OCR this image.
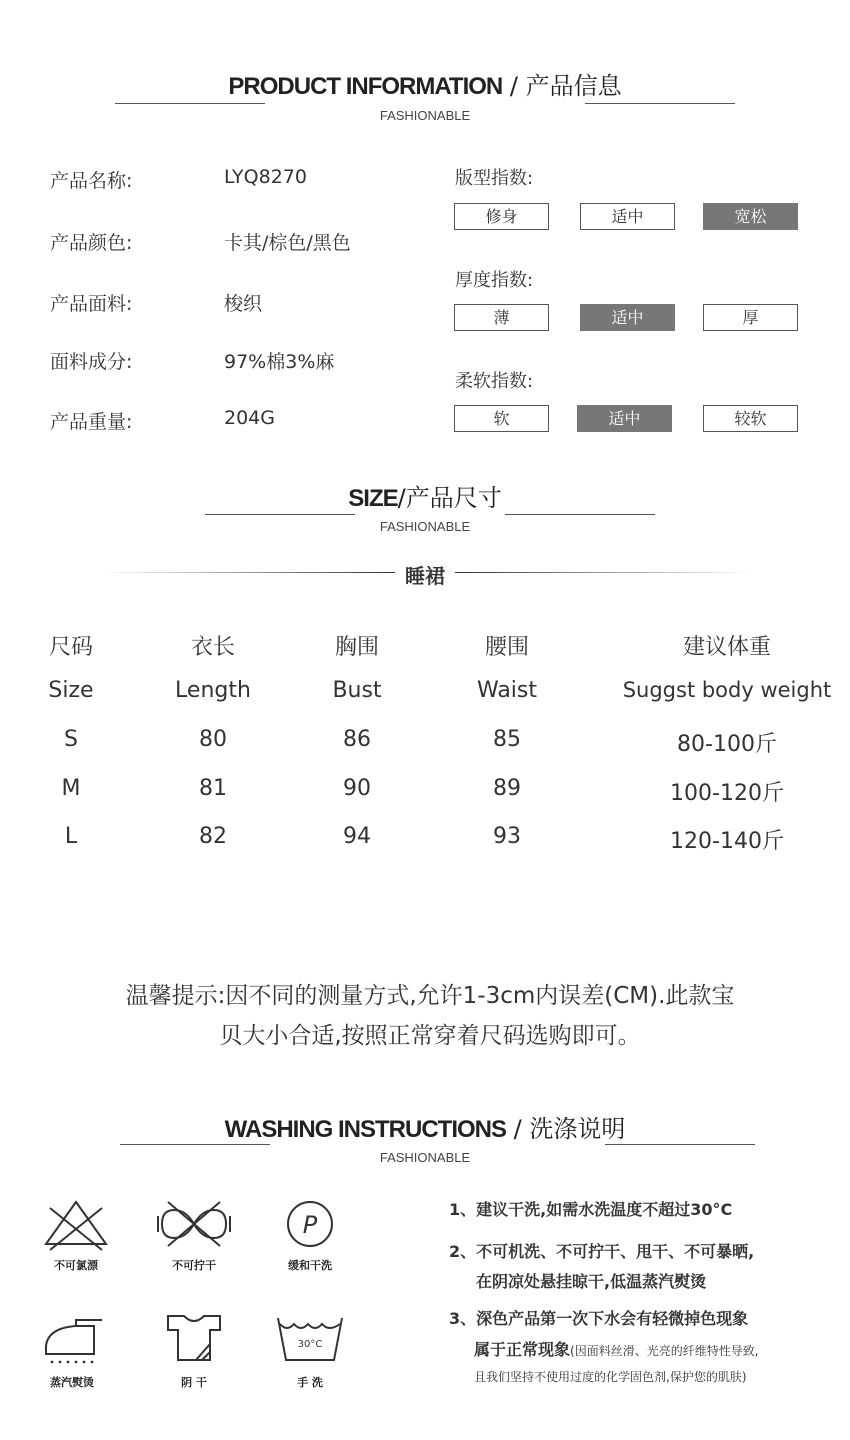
PRODUCT INFORMATION / 产品信息
FASHIONABLE
产品名称:	LYQ8270
产品颜色:	卡其/棕色/黑色
产品面料:	梭织
面料成分:	97%棉3%麻
产品重量:	204G
版型指数:
修身	适中	宽松
厚度指数:
薄	适中	厚
柔软指数:
软	适中	较软
SIZE/产品尺寸
FASHIONABLE
睡裙
尺码	衣长	胸围	腰围	建议体重
Size	Length	Bust	Waist	Suggst body weight
S	80	86	85	80-100斤
M	81	90	89	100-120斤
L	82	94	93	120-140斤
温馨提示:因不同的测量方式,允许1-3cm内误差(CM).此款宝
贝大小合适,按照正常穿着尺码选购即可。
WASHING INSTRUCTIONS / 洗涤说明
FASHIONABLE
不可氯漂	不可拧干
P
缓和干洗
蒸汽熨烫	阴 干
30°C
手 洗
1、建议干洗,如需水洗温度不超过30°C
2、不可机洗、不可拧干、甩干、不可暴晒,
在阴凉处悬挂晾干,低温蒸汽熨烫
3、深色产品第一次下水会有轻微掉色现象
属于正常现象(因面料丝滑、光亮的纤维特性导致,
且我们坚持不使用过度的化学固色剂,保护您的肌肤)
